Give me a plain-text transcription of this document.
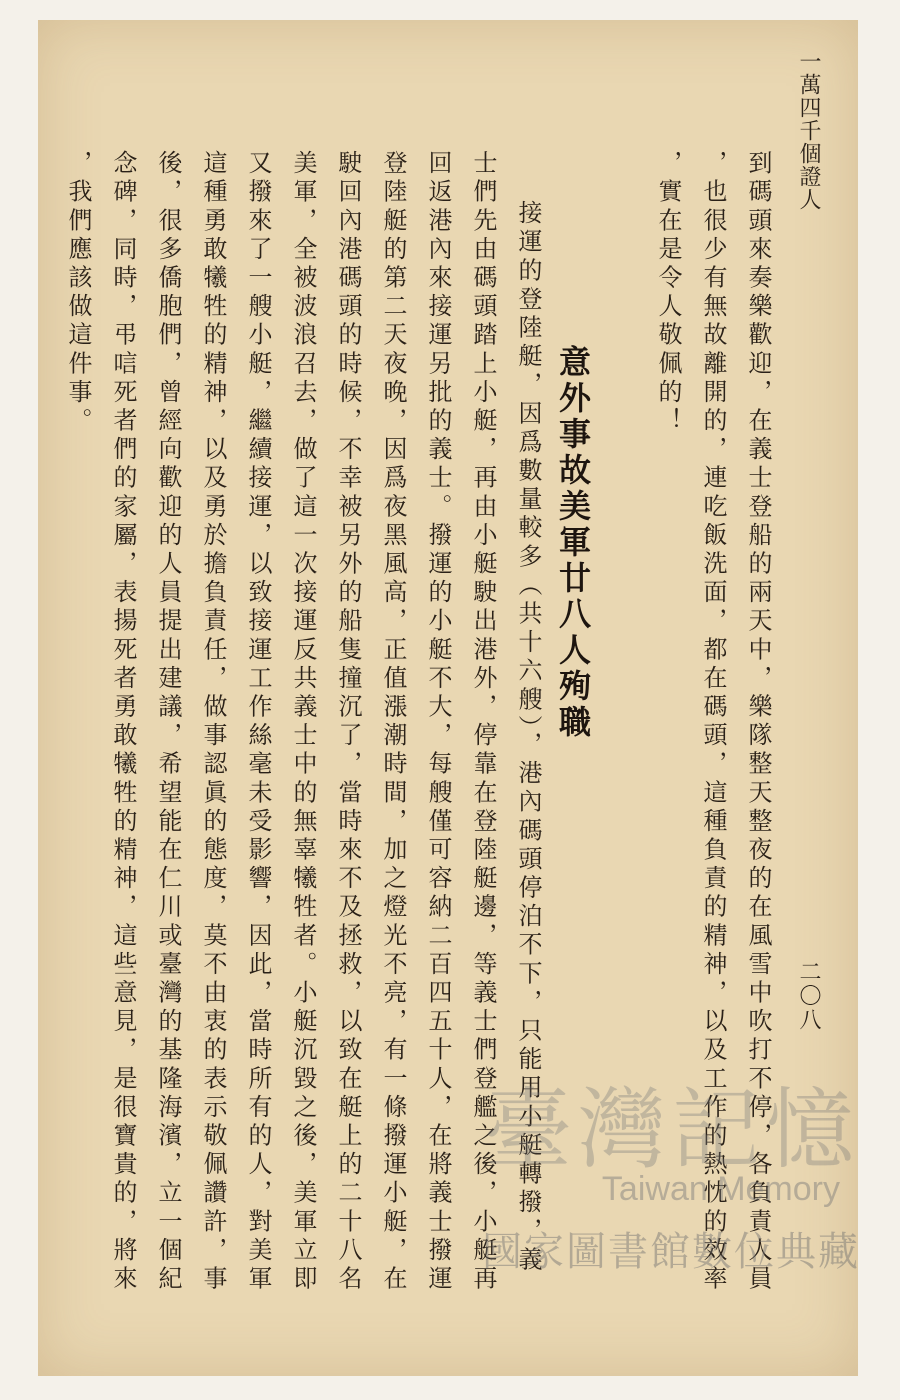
一萬四千個證人
二〇八
到碼頭來奏樂歡迎，在義士登船的兩天中，樂隊整天整夜的在風雪中吹打不停，各負責人員
，也很少有無故離開的，連吃飯洗面，都在碼頭，這種負責的精神，以及工作的熱忱的效率
，實在是令人敬佩的！
意外事故美軍廿八人殉職
接運的登陸艇，因爲數量較多（共十六艘），港內碼頭停泊不下，只能用小艇轉撥，義
士們先由碼頭踏上小艇，再由小艇駛出港外，停靠在登陸艇邊，等義士們登艦之後，小艇再
回返港內來接運另批的義士。撥運的小艇不大，每艘僅可容納二百四五十人，在將義士撥運
登陸艇的第二天夜晚，因爲夜黑風高，正值漲潮時間，加之燈光不亮，有一條撥運小艇，在
駛回內港碼頭的時候，不幸被另外的船隻撞沉了，當時來不及拯救，以致在艇上的二十八名
美軍，全被波浪召去，做了這一次接運反共義士中的無辜犧牲者。小艇沉毀之後，美軍立即
又撥來了一艘小艇，繼續接運，以致接運工作絲毫未受影響，因此，當時所有的人，對美軍
這種勇敢犧牲的精神，以及勇於擔負責任，做事認眞的態度，莫不由衷的表示敬佩讚許，事
後，很多僑胞們，曾經向歡迎的人員提出建議，希望能在仁川或臺灣的基隆海濱，立一個紀
念碑，同時，弔唁死者們的家屬，表揚死者勇敢犧牲的精神，這些意見，是很寶貴的，將來
，我們應該做這件事。
臺灣記憶
Taiwan Memory
國家圖書館數位典藏
